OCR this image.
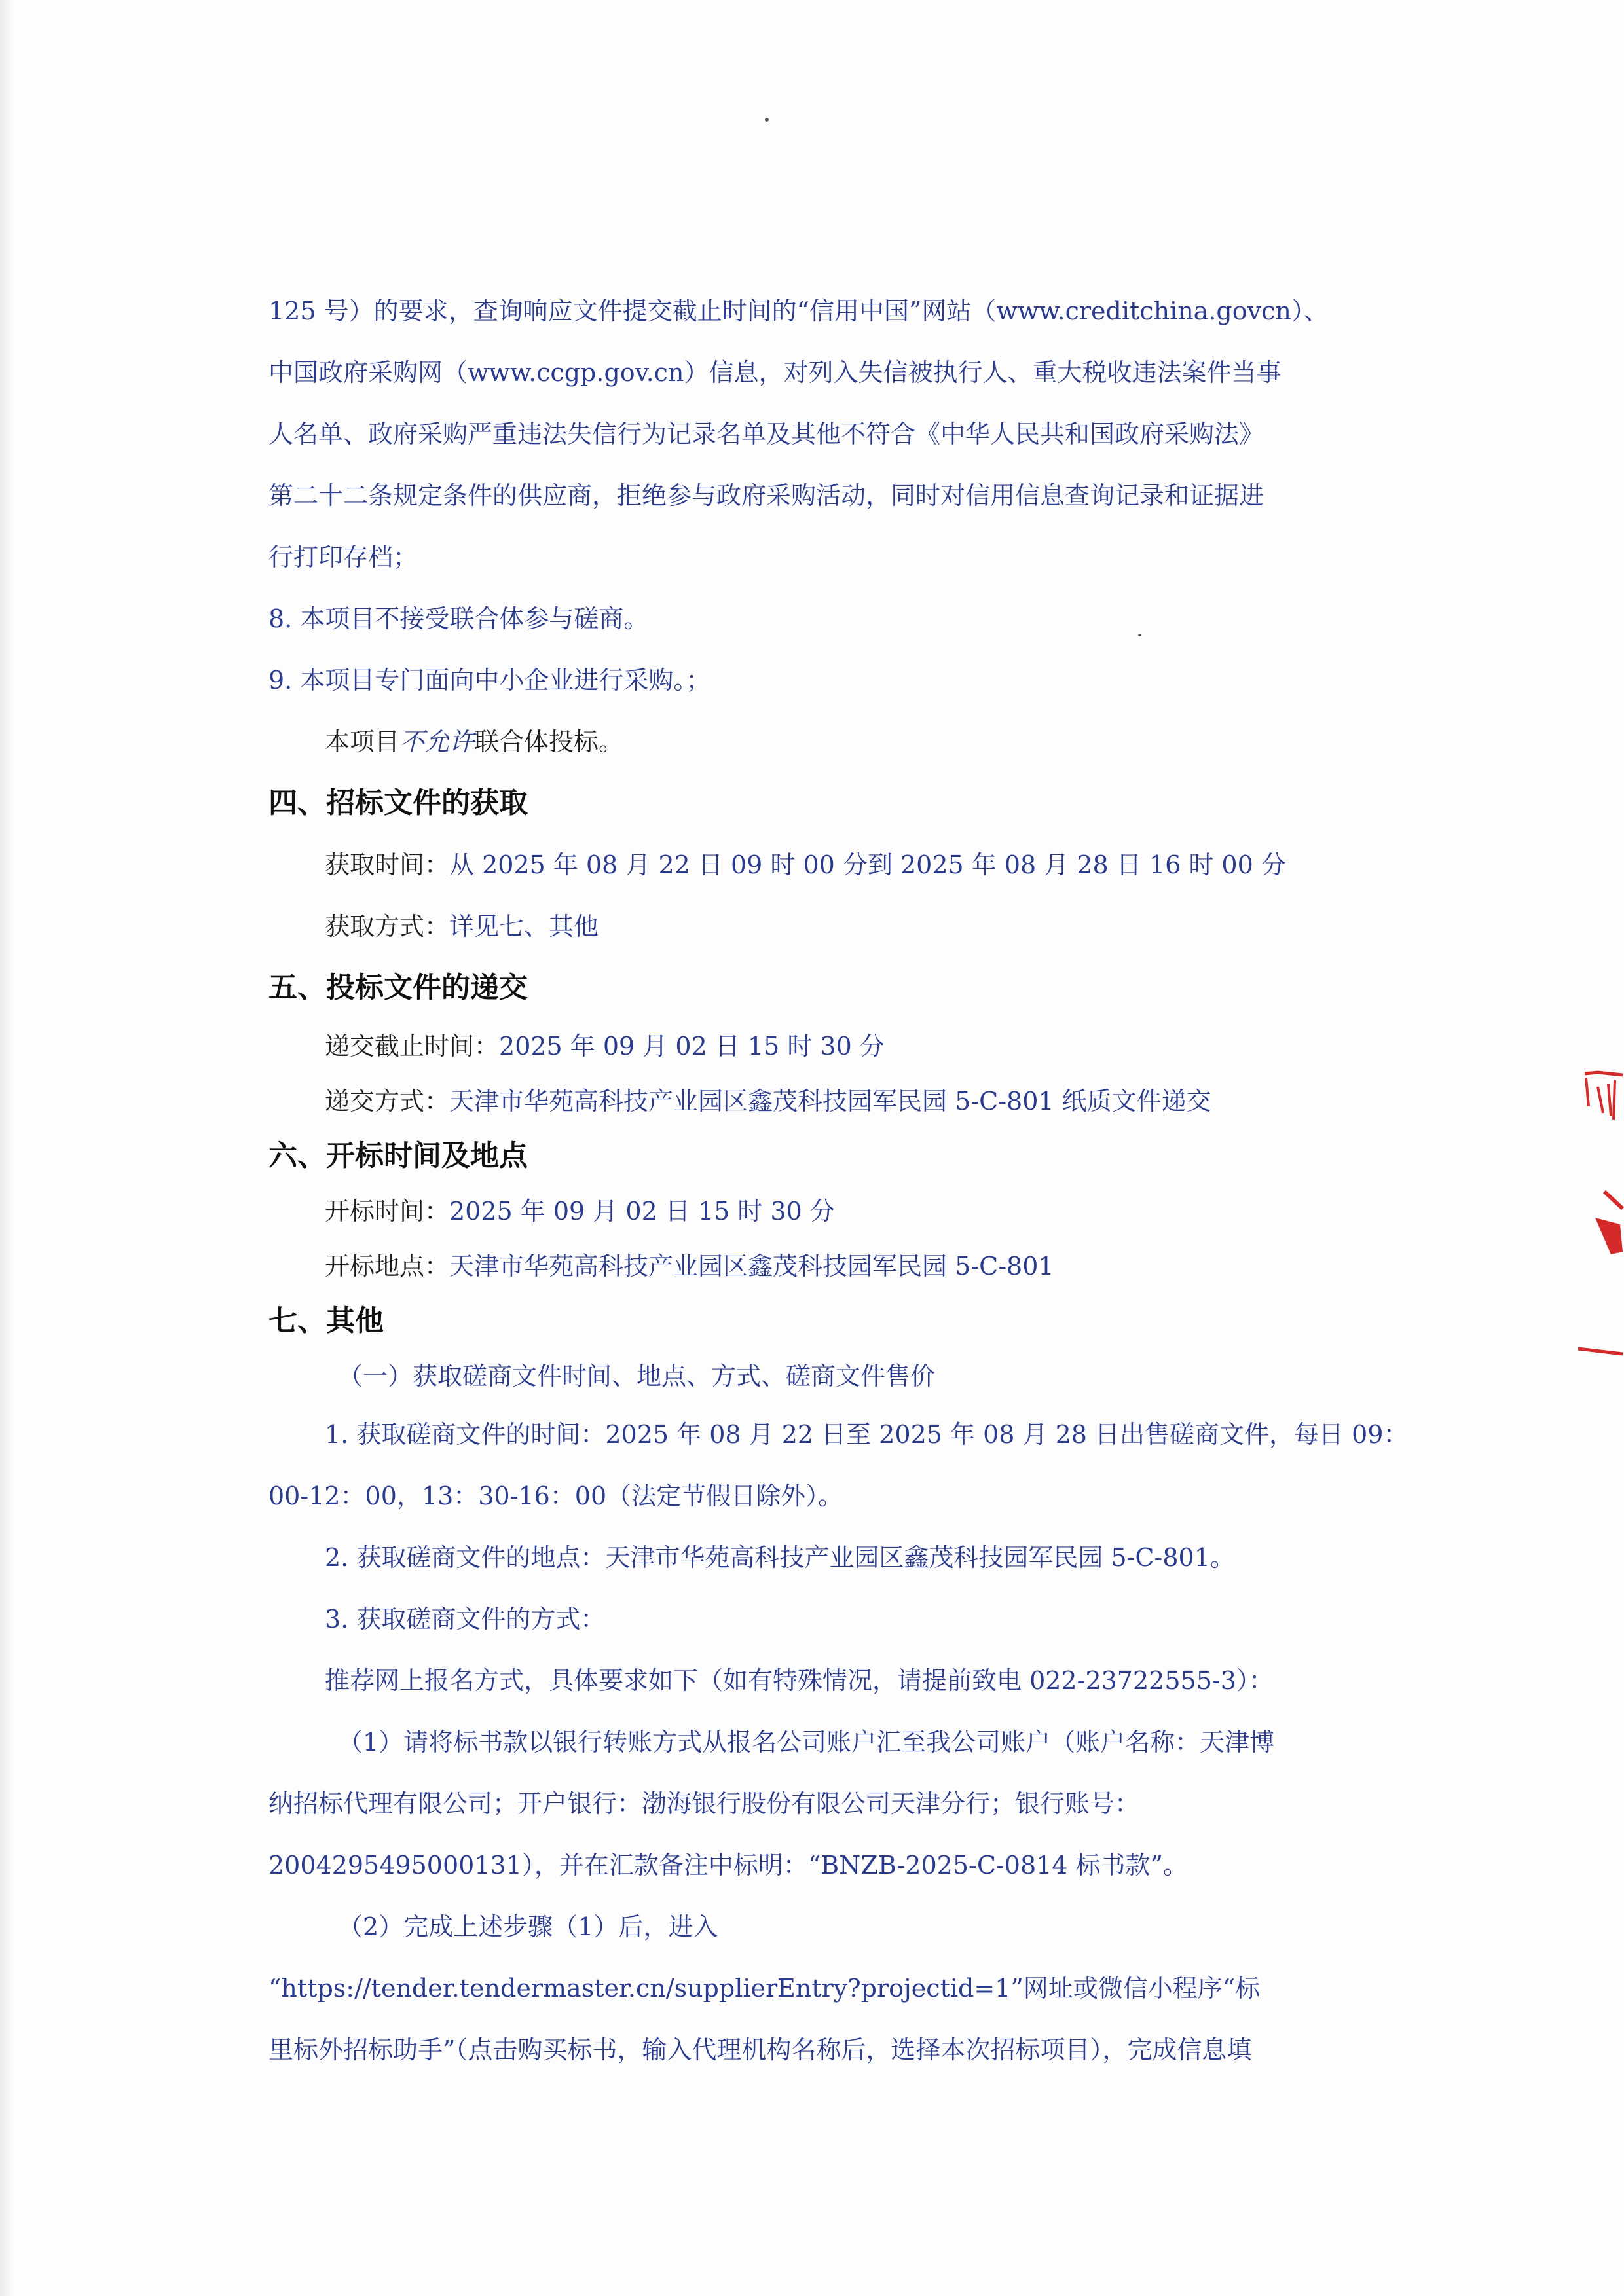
125 号）的要求，查询响应文件提交截止时间的“信用中国”网站（www.creditchina.govcn）、

中国政府采购网（www.ccgp.gov.cn）信息，对列入失信被执行人、重大税收违法案件当事

人名单、政府采购严重违法失信行为记录名单及其他不符合《中华人民共和国政府采购法》

第二十二条规定条件的供应商，拒绝参与政府采购活动，同时对信用信息查询记录和证据进

行打印存档；

8. 本项目不接受联合体参与磋商。

9. 本项目专门面向中小企业进行采购。；

本项目不允许联合体投标。

四、招标文件的获取

获取时间：从 2025 年 08 月 22 日 09 时 00 分到 2025 年 08 月 28 日 16 时 00 分

获取方式：详见七、其他

五、投标文件的递交

递交截止时间：2025 年 09 月 02 日 15 时 30 分

递交方式：天津市华苑高科技产业园区鑫茂科技园军民园 5-C-801 纸质文件递交

六、开标时间及地点

开标时间：2025 年 09 月 02 日 15 时 30 分

开标地点：天津市华苑高科技产业园区鑫茂科技园军民园 5-C-801

七、其他

（一）获取磋商文件时间、地点、方式、磋商文件售价

1. 获取磋商文件的时间：2025 年 08 月 22 日至 2025 年 08 月 28 日出售磋商文件，每日 09：

00-12：00，13：30-16：00（法定节假日除外）。

2. 获取磋商文件的地点：天津市华苑高科技产业园区鑫茂科技园军民园 5-C-801。

3. 获取磋商文件的方式：

推荐网上报名方式，具体要求如下（如有特殊情况，请提前致电 022-23722555-3）：

（1）请将标书款以银行转账方式从报名公司账户汇至我公司账户（账户名称：天津博

纳招标代理有限公司；开户银行：渤海银行股份有限公司天津分行；银行账号：

2004295495000131），并在汇款备注中标明：“BNZB-2025-C-0814 标书款”。

（2）完成上述步骤（1）后，进入

“https://tender.tendermaster.cn/supplierEntry?projectid=1”网址或微信小程序“标

里标外招标助手”（点击购买标书，输入代理机构名称后，选择本次招标项目），完成信息填
